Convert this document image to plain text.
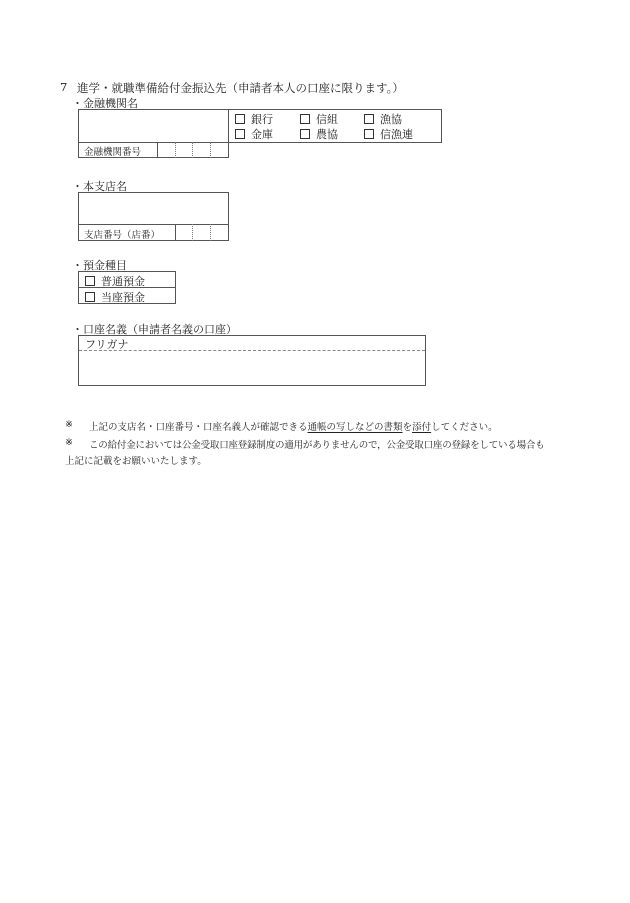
7 進学・就職準備給付金振込先（申請者本人の口座に限ります。）
・金融機関名
銀行	信組	漁協
金庫	農協	信漁連
金融機関番号
・本支店名
支店番号（店番）
・預金種目
普通預金
当座預金
・口座名義（申請者名義の口座）
フリガナ
※ 上記の支店名・口座番号・口座名義人が確認できる通帳の写しなどの書類を添付してください。
※ この給付金においては公金受取口座登録制度の適用がありませんので，公金受取口座の登録をしている場合も
上記に記載をお願いいたします。
